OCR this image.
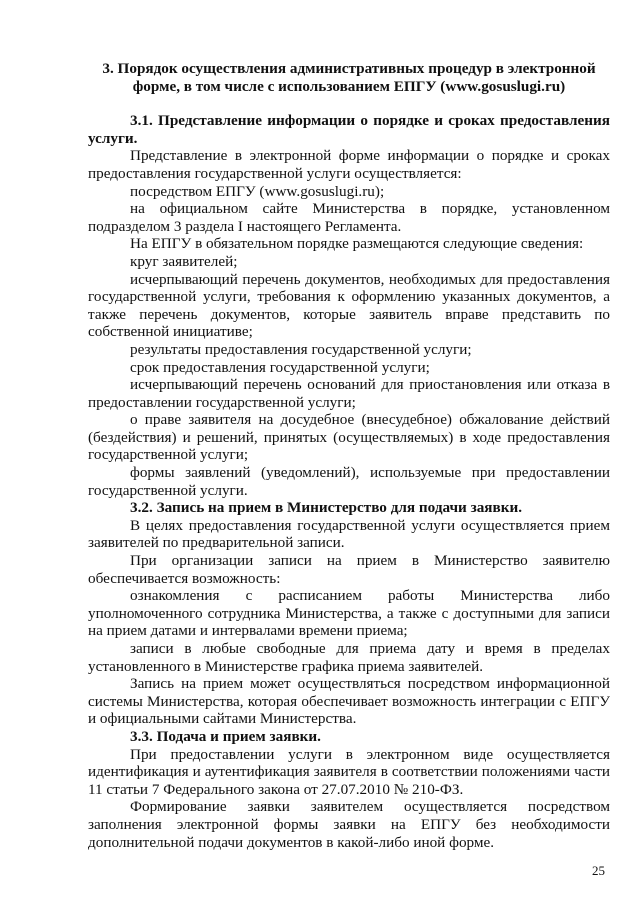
3. Порядок осуществления административных процедур в электронной форме, в том числе с использованием ЕПГУ (www.gosuslugi.ru)

3.1. Представление информации о порядке и сроках предоставления услуги.

Представление в электронной форме информации о порядке и сроках предоставления государственной услуги осуществляется:

посредством ЕПГУ (www.gosuslugi.ru);

на официальном сайте Министерства в порядке, установленном подразделом 3 раздела I настоящего Регламента.

На ЕПГУ в обязательном порядке размещаются следующие сведения:

круг заявителей;

исчерпывающий перечень документов, необходимых для предоставления государственной услуги, требования к оформлению указанных документов, а также перечень документов, которые заявитель вправе представить по собственной инициативе;

результаты предоставления государственной услуги;

срок предоставления государственной услуги;

исчерпывающий перечень оснований для приостановления или отказа в предоставлении государственной услуги;

о праве заявителя на досудебное (внесудебное) обжалование действий (бездействия) и решений, принятых (осуществляемых) в ходе предоставления государственной услуги;

формы заявлений (уведомлений), используемые при предоставлении государственной услуги.

3.2. Запись на прием в Министерство для подачи заявки.

В целях предоставления государственной услуги осуществляется прием заявителей по предварительной записи.

При организации записи на прием в Министерство заявителю обеспечивается возможность:

ознакомления с расписанием работы Министерства либо уполномоченного сотрудника Министерства, а также с доступными для записи на прием датами и интервалами времени приема;

записи в любые свободные для приема дату и время в пределах установленного в Министерстве графика приема заявителей.

Запись на прием может осуществляться посредством информационной системы Министерства, которая обеспечивает возможность интеграции с ЕПГУ и официальными сайтами Министерства.

3.3. Подача и прием заявки.

При предоставлении услуги в электронном виде осуществляется идентификация и аутентификация заявителя в соответствии положениями части 11 статьи 7 Федерального закона от 27.07.2010 № 210-ФЗ.

Формирование заявки заявителем осуществляется посредством заполнения электронной формы заявки на ЕПГУ без необходимости дополнительной подачи документов в какой-либо иной форме.

25
